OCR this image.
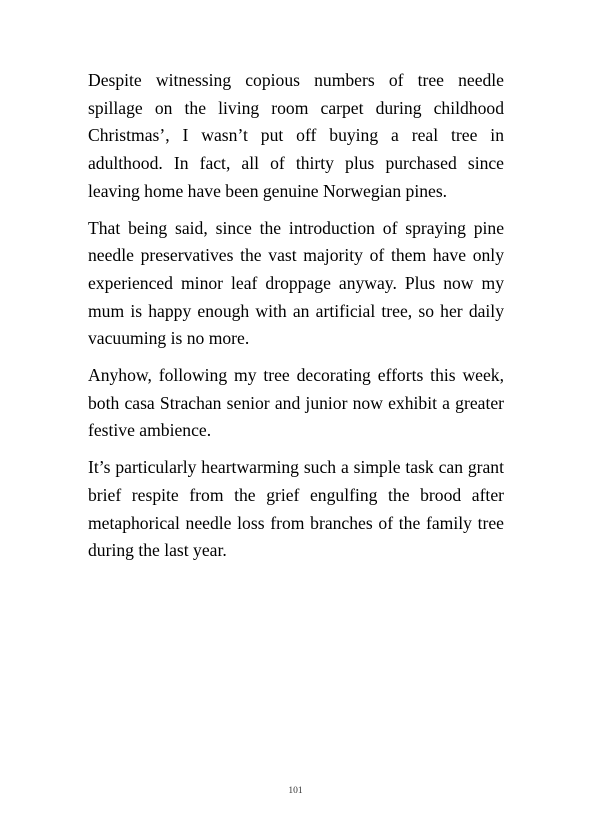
Despite witnessing copious numbers of tree needle spillage on the living room carpet during childhood Christmas’, I wasn’t put off buying a real tree in adulthood. In fact, all of thirty plus purchased since leaving home have been genuine Norwegian pines.

That being said, since the introduction of spraying pine needle preservatives the vast majority of them have only experienced minor leaf droppage anyway. Plus now my mum is happy enough with an artificial tree, so her daily vacuuming is no more.

Anyhow, following my tree decorating efforts this week, both casa Strachan senior and junior now exhibit a greater festive ambience.

It’s particularly heartwarming such a simple task can grant brief respite from the grief engulfing the brood after metaphorical needle loss from branches of the family tree during the last year.

101
